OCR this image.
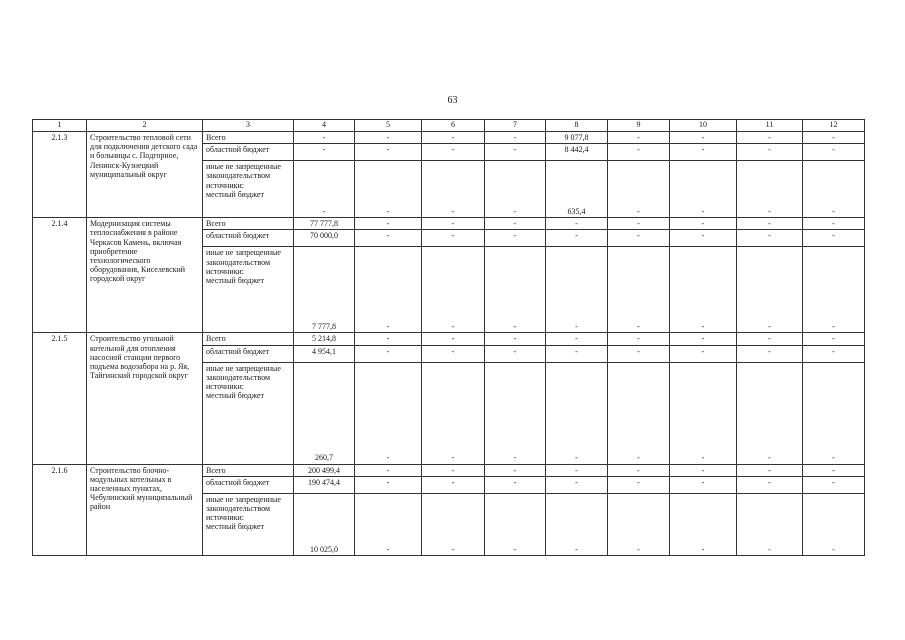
63
1	2	3	4	5	6	7	8	9	10	11	12
2.1.3	Строительство тепловой сети для подключения детского сада и больницы с. Подгорное, Ленинск-Кузнецкий муниципальный округ	Всего	-	-	-	-	9 077,8	-	-	-	-
		областной бюджет	-	-	-	-	8 442,4	-	-	-	-
		иные не запрещенные законодательством источники:
местный бюджет	-	-	-	-	635,4	-	-	-	-
2.1.4	Модернизация системы теплоснабжения в районе Черкасов Камень, включая приобретение технологического оборудования, Киселевский городской округ	Всего	77 777,8	-	-	-	-	-	-	-	-
		областной бюджет	70 000,0	-	-	-	-	-	-	-	-
		иные не запрещенные законодательством источники:
местный бюджет	7 777,8	-	-	-	-	-	-	-	-
2.1.5	Строительство угольной котельной для отопления насосной станции первого подъема водозабора на р. Яя, Тайгинский городской округ	Всего	5 214,8	-	-	-	-	-	-	-	-
		областной бюджет	4 954,1	-	-	-	-	-	-	-	-
		иные не запрещенные законодательством источники:
местный бюджет	260,7	-	-	-	-	-	-	-	-
2.1.6	Строительство блочно-модульных котельных в населенных пунктах, Чебулинский муниципальный район	Всего	200 499,4	-	-	-	-	-	-	-	-
		областной бюджет	190 474,4	-	-	-	-	-	-	-	-
		иные не запрещенные законодательством источники:
местный бюджет	10 025,0	-	-	-	-	-	-	-	-
